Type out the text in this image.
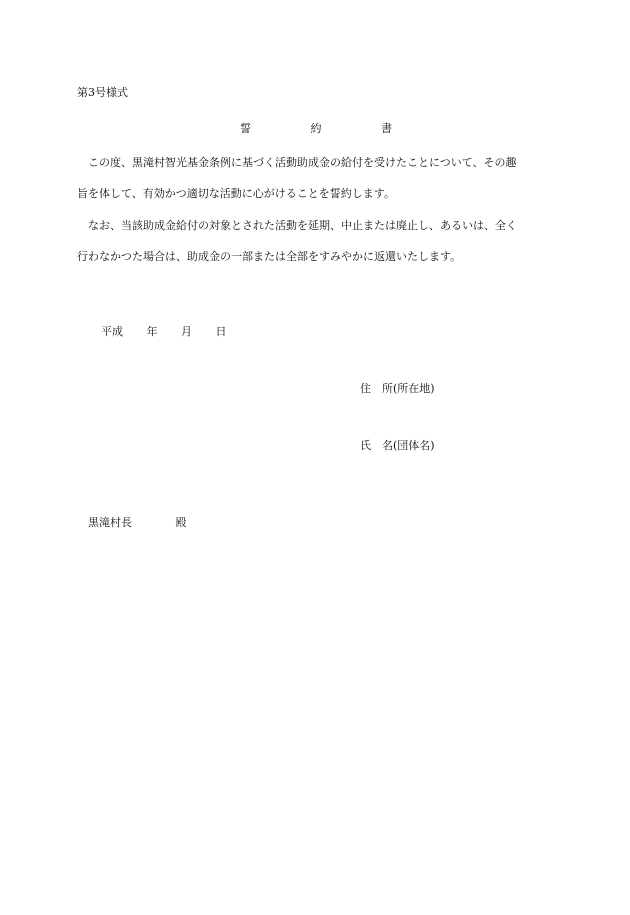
第3号様式
誓	約	書
この度、黒滝村智光基金条例に基づく活動助成金の給付を受けたことについて、その趣
旨を体して、有効かつ適切な活動に心がけることを誓約します。
なお、当該助成金給付の対象とされた活動を延期、中止または廃止し、あるいは、全く
行わなかつた場合は、助成金の一部または全部をすみやかに返還いたします。
平成 年 月 日
住　所(所在地)
氏　名(団体名)
黒滝村長	殿
